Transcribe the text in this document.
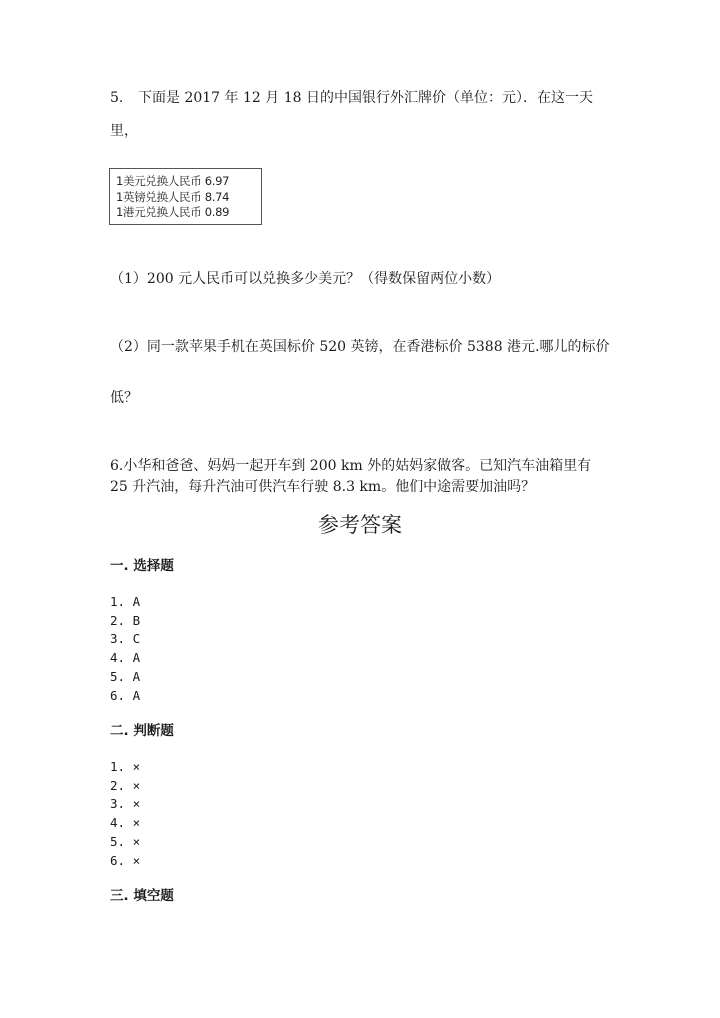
5. 下面是 2017 年 12 月 18 日的中国银行外汇牌价（单位：元）．在这一天
里，
1美元兑换人民币 6.97
1英镑兑换人民币 8.74
1港元兑换人民币 0.89
（1）200 元人民币可以兑换多少美元？（得数保留两位小数）
（2）同一款苹果手机在英国标价 520 英镑，在香港标价 5388 港元.哪儿的标价
低？
6.小华和爸爸、妈妈一起开车到 200 km 外的姑妈家做客。已知汽车油箱里有
25 升汽油，每升汽油可供汽车行驶 8.3 km。他们中途需要加油吗？
参考答案
一. 选择题
1. A
2. B
3. C
4. A
5. A
6. A
二. 判断题
1. ×
2. ×
3. ×
4. ×
5. ×
6. ×
三. 填空题
